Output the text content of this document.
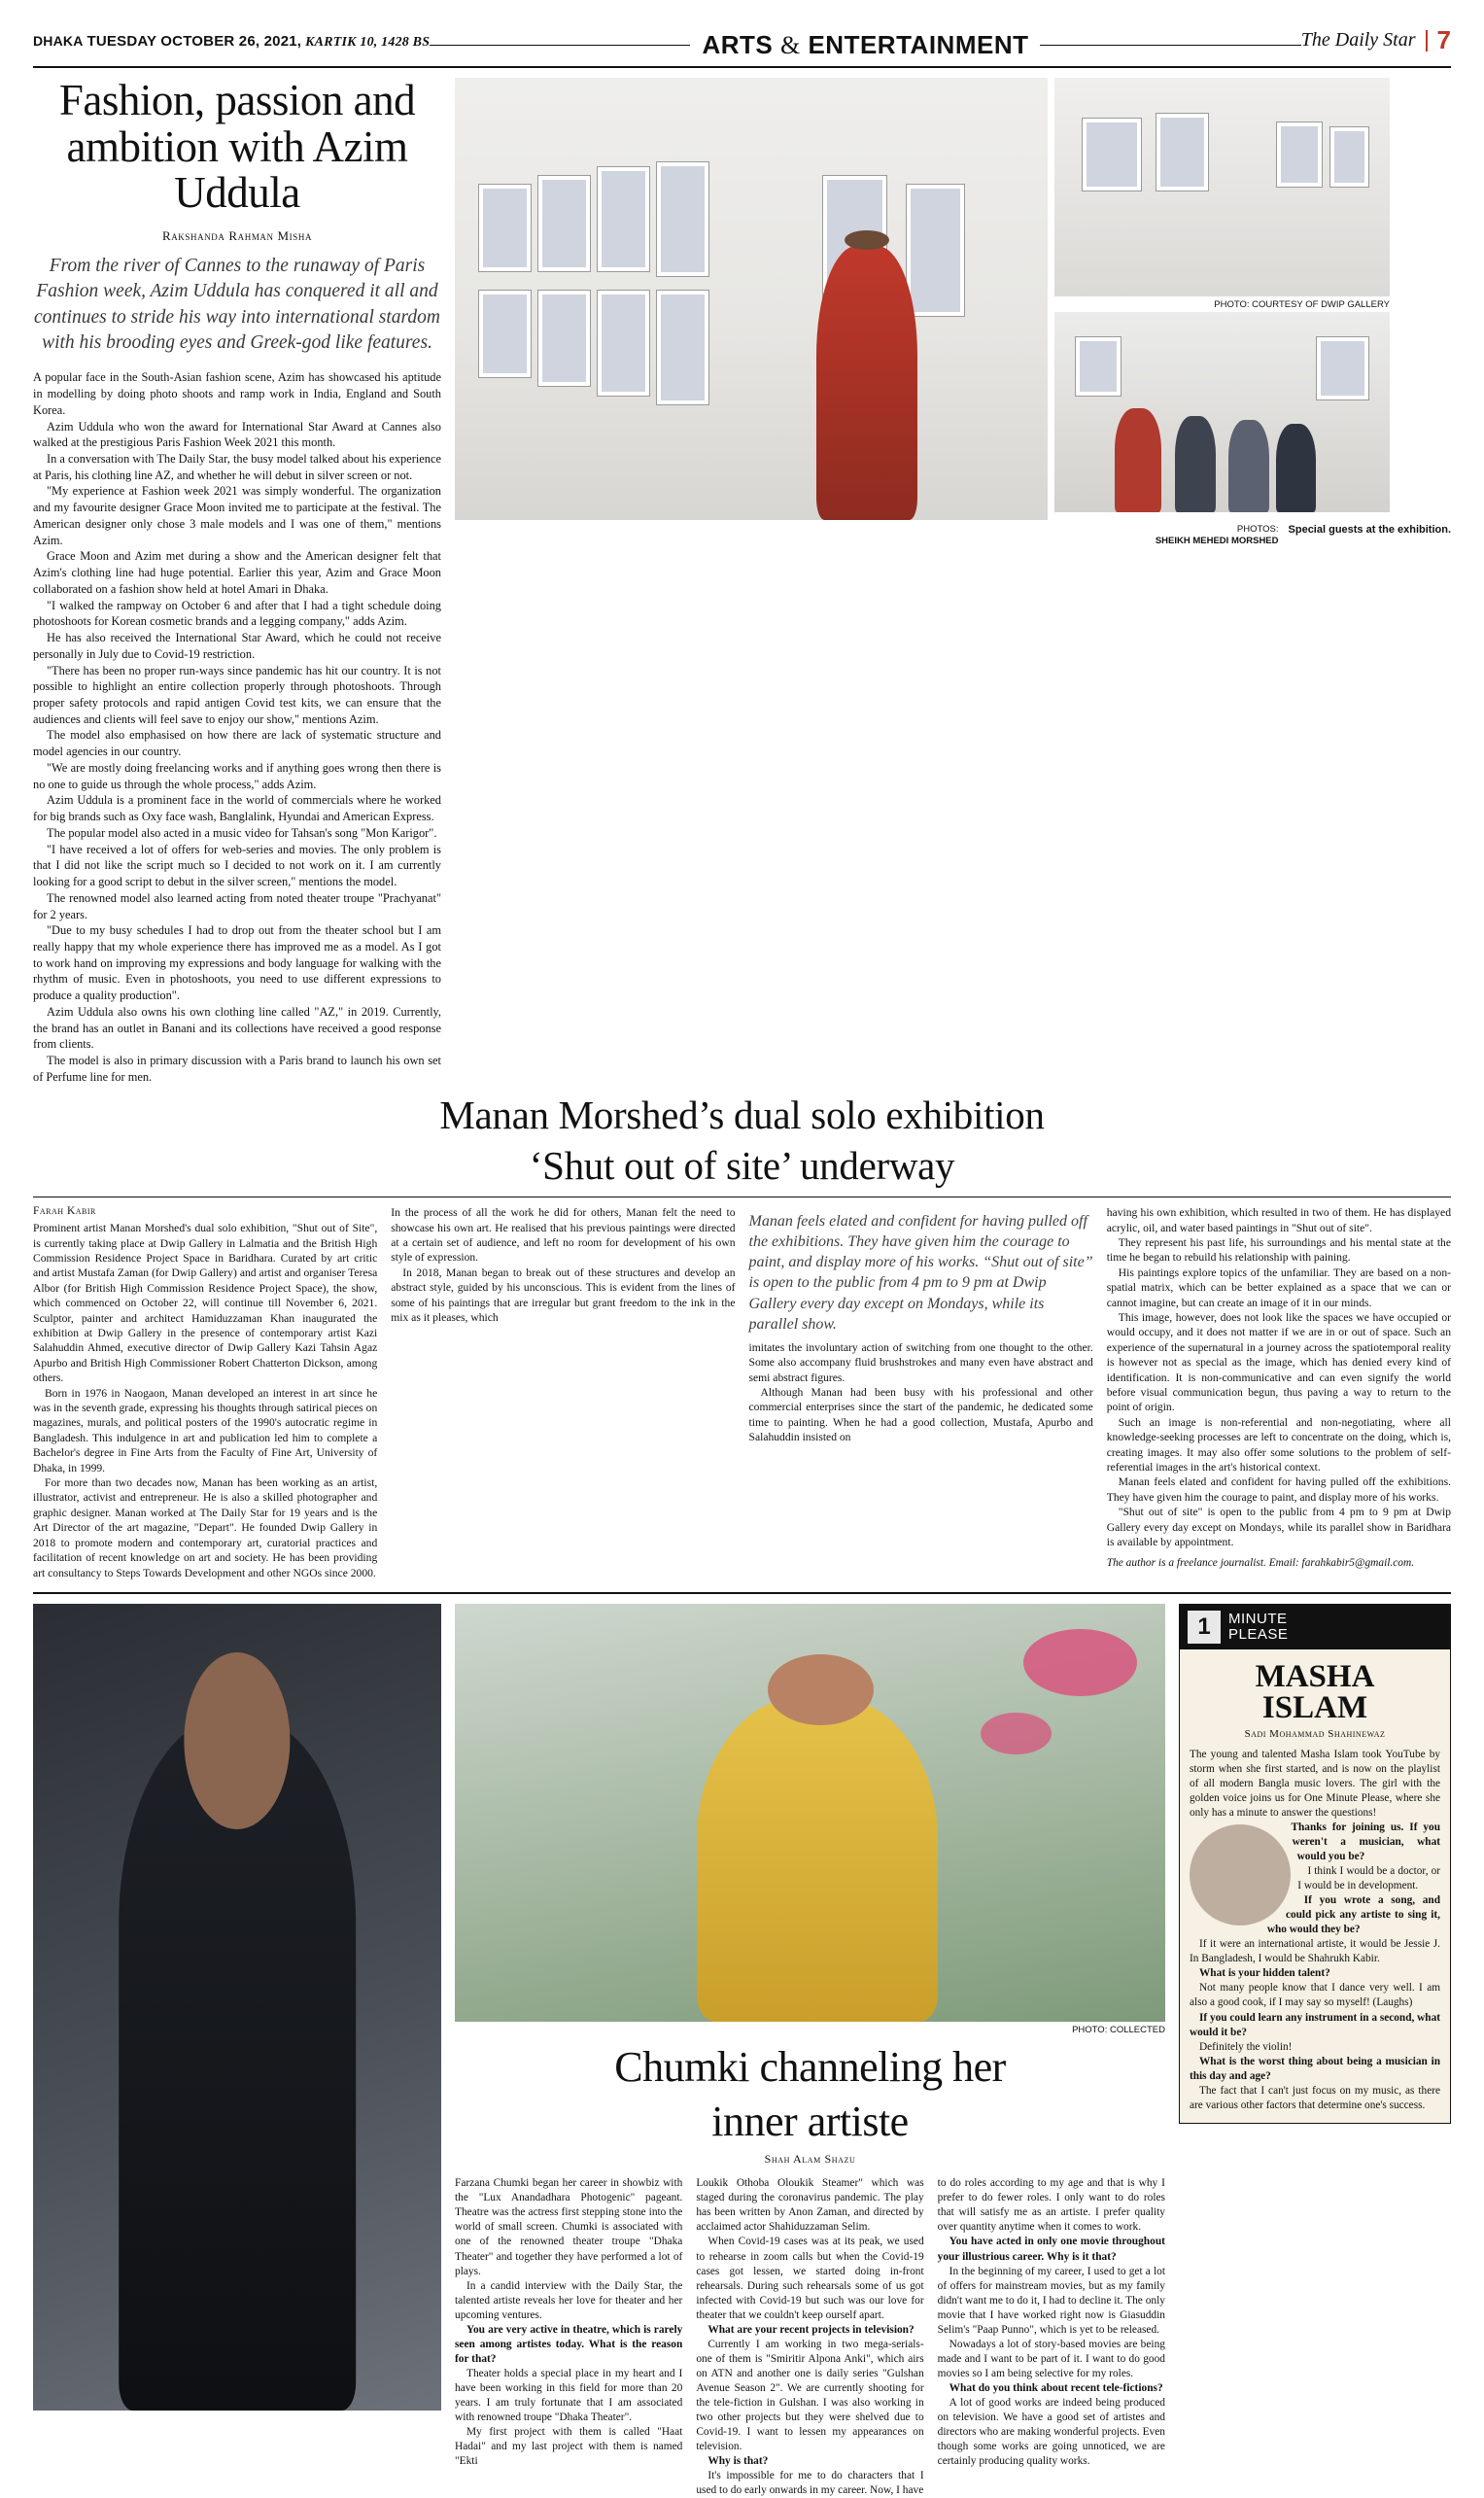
DHAKA TUESDAY OCTOBER 26, 2021, KARTIK 10, 1428 BS	ARTS & ENTERTAINMENT	The Daily Star 7
Fashion, passion and ambition with Azim Uddula
Rakshanda Rahman Misha
From the river of Cannes to the runaway of Paris Fashion week, Azim Uddula has conquered it all and continues to stride his way into international stardom with his brooding eyes and Greek-god like features.

A popular face in the South-Asian fashion scene, Azim has showcased his aptitude in modelling by doing photo shoots and ramp work in India, England and South Korea.

Azim Uddula who won the award for International Star Award at Cannes also walked at the prestigious Paris Fashion Week 2021 this month.

In a conversation with The Daily Star, the busy model talked about his experience at Paris, his clothing line AZ, and whether he will debut in silver screen or not.

"My experience at Fashion week 2021 was simply wonderful. The organization and my favourite designer Grace Moon invited me to participate at the festival. The American designer only chose 3 male models and I was one of them," mentions Azim.

Grace Moon and Azim met during a show and the American designer felt that Azim's clothing line had huge potential. Earlier this year, Azim and Grace Moon collaborated on a fashion show held at hotel Amari in Dhaka.

"I walked the rampway on October 6 and after that I had a tight schedule doing photoshoots for Korean cosmetic brands and a legging company," adds Azim.

He has also received the International Star Award, which he could not receive personally in July due to Covid-19 restriction.

"There has been no proper run-ways since pandemic has hit our country. It is not possible to highlight an entire collection properly through photoshoots. Through proper safety protocols and rapid antigen Covid test kits, we can ensure that the audiences and clients will feel save to enjoy our show," mentions Azim.

The model also emphasised on how there are lack of systematic structure and model agencies in our country.

"We are mostly doing freelancing works and if anything goes wrong then there is no one to guide us through the whole process," adds Azim.

Azim Uddula is a prominent face in the world of commercials where he worked for big brands such as Oxy face wash, Banglalink, Hyundai and American Express.

The popular model also acted in a music video for Tahsan's song "Mon Karigor".

"I have received a lot of offers for web-series and movies. The only problem is that I did not like the script much so I decided to not work on it. I am currently looking for a good script to debut in the silver screen," mentions the model.

The renowned model also learned acting from noted theater troupe "Prachyanat" for 2 years.

"Due to my busy schedules I had to drop out from the theater school but I am really happy that my whole experience there has improved me as a model. As I got to work hand on improving my expressions and body language for walking with the rhythm of music. Even in photoshoots, you need to use different expressions to produce a quality production".

Azim Uddula also owns his own clothing line called "AZ," in 2019. Currently, the brand has an outlet in Banani and its collections have received a good response from clients.

The model is also in primary discussion with a Paris brand to launch his own set of Perfume line for men.

PHOTO: COURTESY OF DWIP GALLERY
PHOTOS:
SHEIKH MEHEDI MORSHED
Special guests at the exhibition.
Manan Morshed’s dual solo exhibition
‘Shut out of site’ underway
Farah Kabir

Prominent artist Manan Morshed's dual solo exhibition, "Shut out of Site", is currently taking place at Dwip Gallery in Lalmatia and the British High Commission Residence Project Space in Baridhara. Curated by art critic and artist Mustafa Zaman (for Dwip Gallery) and artist and organiser Teresa Albor (for British High Commission Residence Project Space), the show, which commenced on October 22, will continue till November 6, 2021. Sculptor, painter and architect Hamiduzzaman Khan inaugurated the exhibition at Dwip Gallery in the presence of contemporary artist Kazi Salahuddin Ahmed, executive director of Dwip Gallery Kazi Tahsin Agaz Apurbo and British High Commissioner Robert Chatterton Dickson, among others.

Born in 1976 in Naogaon, Manan developed an interest in art since he was in the seventh grade, expressing his thoughts through satirical pieces on magazines, murals, and political posters of the 1990's autocratic regime in Bangladesh. This indulgence in art and publication led him to complete a Bachelor's degree in Fine Arts from the Faculty of Fine Art, University of Dhaka, in 1999.

For more than two decades now, Manan has been working as an artist, illustrator, activist and entrepreneur. He is also a skilled photographer and graphic designer. Manan worked at The Daily Star for 19 years and is the Art Director of the art magazine, "Depart". He founded Dwip Gallery in 2018 to promote modern and contemporary art, curatorial practices and facilitation of recent knowledge on art and society. He has been providing art consultancy to Steps Towards Development and other NGOs since 2000.

In the process of all the work he did for others, Manan felt the need to showcase his own art. He realised that his previous paintings were directed at a certain set of audience, and left no room for development of his own style of expression.

In 2018, Manan began to break out of these structures and develop an abstract style, guided by his unconscious. This is evident from the lines of some of his paintings that are irregular but grant freedom to the ink in the mix as it pleases, which

Manan feels elated and confident for having pulled off the exhibitions. They have given him the courage to paint, and display more of his works. “Shut out of site” is open to the public from 4 pm to 9 pm at Dwip Gallery every day except on Mondays, while its parallel show.

imitates the involuntary action of switching from one thought to the other. Some also accompany fluid brushstrokes and many even have abstract and semi abstract figures.

Although Manan had been busy with his professional and other commercial enterprises since the start of the pandemic, he dedicated some time to painting. When he had a good collection, Mustafa, Apurbo and Salahuddin insisted on

having his own exhibition, which resulted in two of them. He has displayed acrylic, oil, and water based paintings in "Shut out of site".

They represent his past life, his surroundings and his mental state at the time he began to rebuild his relationship with paining.

His paintings explore topics of the unfamiliar. They are based on a non-spatial matrix, which can be better explained as a space that we can or cannot imagine, but can create an image of it in our minds.

This image, however, does not look like the spaces we have occupied or would occupy, and it does not matter if we are in or out of space. Such an experience of the supernatural in a journey across the spatiotemporal reality is however not as special as the image, which has denied every kind of identification. It is non-communicative and can even signify the world before visual communication begun, thus paving a way to return to the point of origin.

Such an image is non-referential and non-negotiating, where all knowledge-seeking processes are left to concentrate on the doing, which is, creating images. It may also offer some solutions to the problem of self-referential images in the art's historical context.

Manan feels elated and confident for having pulled off the exhibitions. They have given him the courage to paint, and display more of his works.

"Shut out of site" is open to the public from 4 pm to 9 pm at Dwip Gallery every day except on Mondays, while its parallel show in Baridhara is available by appointment.

The author is a freelance journalist. Email: farahkabir5@gmail.com.
PHOTO: COLLECTED
Chumki channeling her
inner artiste
Shah Alam Shazu

Farzana Chumki began her career in showbiz with the "Lux Anandadhara Photogenic" pageant. Theatre was the actress first stepping stone into the world of small screen. Chumki is associated with one of the renowned theater troupe "Dhaka Theater" and together they have performed a lot of plays.

In a candid interview with the Daily Star, the talented artiste reveals her love for theater and her upcoming ventures.

You are very active in theatre, which is rarely seen among artistes today. What is the reason for that?

Theater holds a special place in my heart and I have been working in this field for more than 20 years. I am truly fortunate that I am associated with renowned troupe "Dhaka Theater".

My first project with them is called "Haat Hadai" and my last project with them is named "Ekti

Loukik Othoba Oloukik Steamer" which was staged during the coronavirus pandemic. The play has been written by Anon Zaman, and directed by acclaimed actor Shahiduzzaman Selim.

When Covid-19 cases was at its peak, we used to rehearse in zoom calls but when the Covid-19 cases got lessen, we started doing in-front rehearsals. During such rehearsals some of us got infected with Covid-19 but such was our love for theater that we couldn't keep ourself apart.

What are your recent projects in television?

Currently I am working in two mega-serials- one of them is "Smiritir Alpona Anki", which airs on ATN and another one is daily series "Gulshan Avenue Season 2". We are currently shooting for the tele-fiction in Gulshan. I was also working in two other projects but they were shelved due to Covid-19. I want to lessen my appearances on television.

Why is that?

It's impossible for me to do characters that I used to do early onwards in my career. Now, I have

to do roles according to my age and that is why I prefer to do fewer roles. I only want to do roles that will satisfy me as an artiste. I prefer quality over quantity anytime when it comes to work.

You have acted in only one movie throughout your illustrious career. Why is it that?

In the beginning of my career, I used to get a lot of offers for mainstream movies, but as my family didn't want me to do it, I had to decline it. The only movie that I have worked right now is Giasuddin Selim's "Paap Punno", which is yet to be released.

Nowadays a lot of story-based movies are being made and I want to be part of it. I want to do good movies so I am being selective for my roles.

What do you think about recent tele-fictions?

A lot of good works are indeed being produced on television. We have a good set of artistes and directors who are making wonderful projects. Even though some works are going unnoticed, we are certainly producing quality works.

1	MINUTE
PLEASE
MASHA
ISLAM
Sadi Mohammad Shahinewaz

The young and talented Masha Islam took YouTube by storm when she first started, and is now on the playlist of all modern Bangla music lovers. The girl with the golden voice joins us for One Minute Please, where she only has a minute to answer the questions!

Thanks for joining us. If you weren't a musician, what would you be?

I think I would be a doctor, or I would be in development.

If you wrote a song, and could pick any artiste to sing it, who would they be?

If it were an international artiste, it would be Jessie J. In Bangladesh, I would be Shahrukh Kabir.

What is your hidden talent?

Not many people know that I dance very well. I am also a good cook, if I may say so myself! (Laughs)

If you could learn any instrument in a second, what would it be?

Definitely the violin!

What is the worst thing about being a musician in this day and age?

The fact that I can't just focus on my music, as there are various other factors that determine one's success.
